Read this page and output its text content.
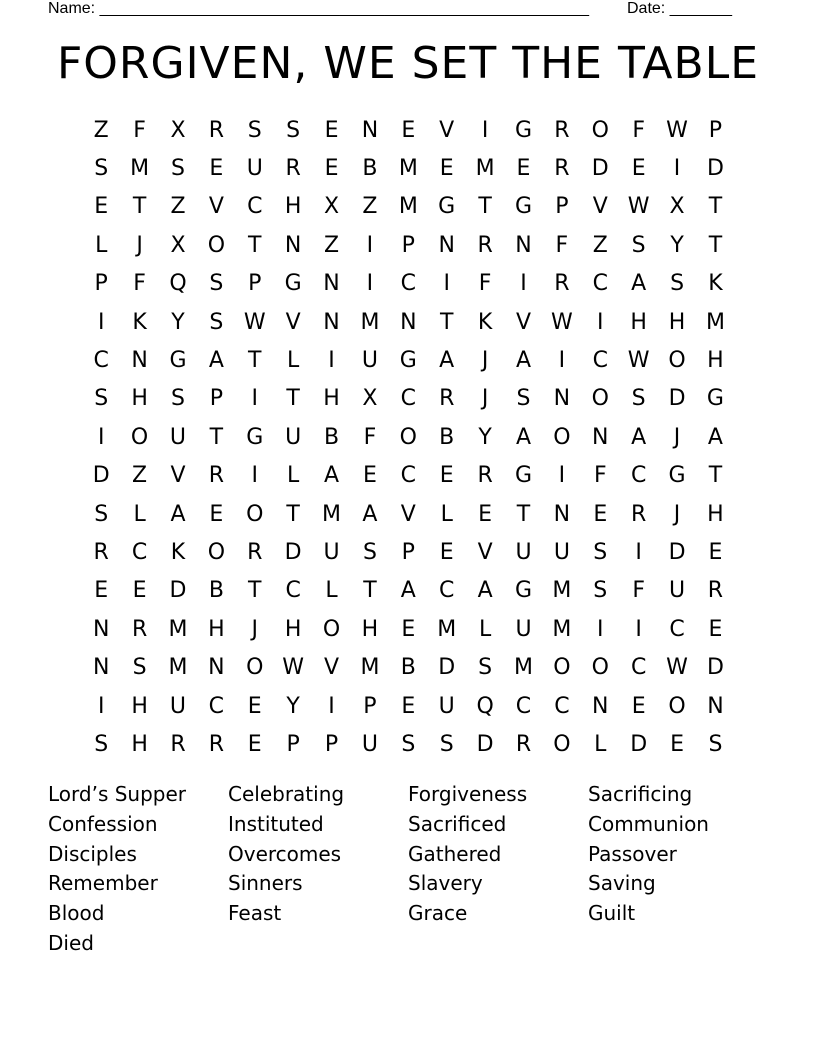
Name: _______________________________________________________ Date: _______
FORGIVEN, WE SET THE TABLE
Z	F	X	R	S	S	E	N	E	V	I	G	R	O	F W P
S M S	E	U	R	E	B M E M E	R	D	E	I	D
E	T	Z	V	C	H	X	Z M G	T	G	P	V W X	T
L	J	X	O	T	N	Z	I	P	N	R	N	F	Z	S	Y	T
P	F	Q	S	P	G N	I	C	I	F	I	R	C	A	S	K
I	K	Y	S W V	N M N	T	K	V W	I	H H M
C	N G	A	T	L	I	U G	A	J	A	I	C W O H
S	H	S	P	I	T	H	X	C	R	J	S	N O	S	D G
I	O U	T	G U	B	F	O	B	Y	A	O N	A	J	A
D	Z	V	R	I	L	A	E	C	E	R	G	I	F	C	G	T
S	L	A	E	O	T	M A	V	L	E	T	N	E	R	J	H
R	C	K	O	R	D U	S	P	E	V	U	U	S	I	D	E
E	E	D	B	T	C	L	T	A	C	A	G M S	F	U	R
N	R M H	J	H O H	E M	L	U M	I	I	C	E
N	S M N O W V M B	D	S M O O	C W D
I	H	U	C	E	Y	I	P	E	U Q	C	C	N	E	O N
S	H	R	R	E	P	P	U	S	S	D	R	O	L	D	E	S
Lord’s Supper	Celebrating	Forgiveness	Sacrificing
Confession	Instituted	Sacrificed	Communion
Disciples	Overcomes	Gathered	Passover
Remember	Sinners	Slavery	Saving
Blood	Feast	Grace	Guilt
Died
